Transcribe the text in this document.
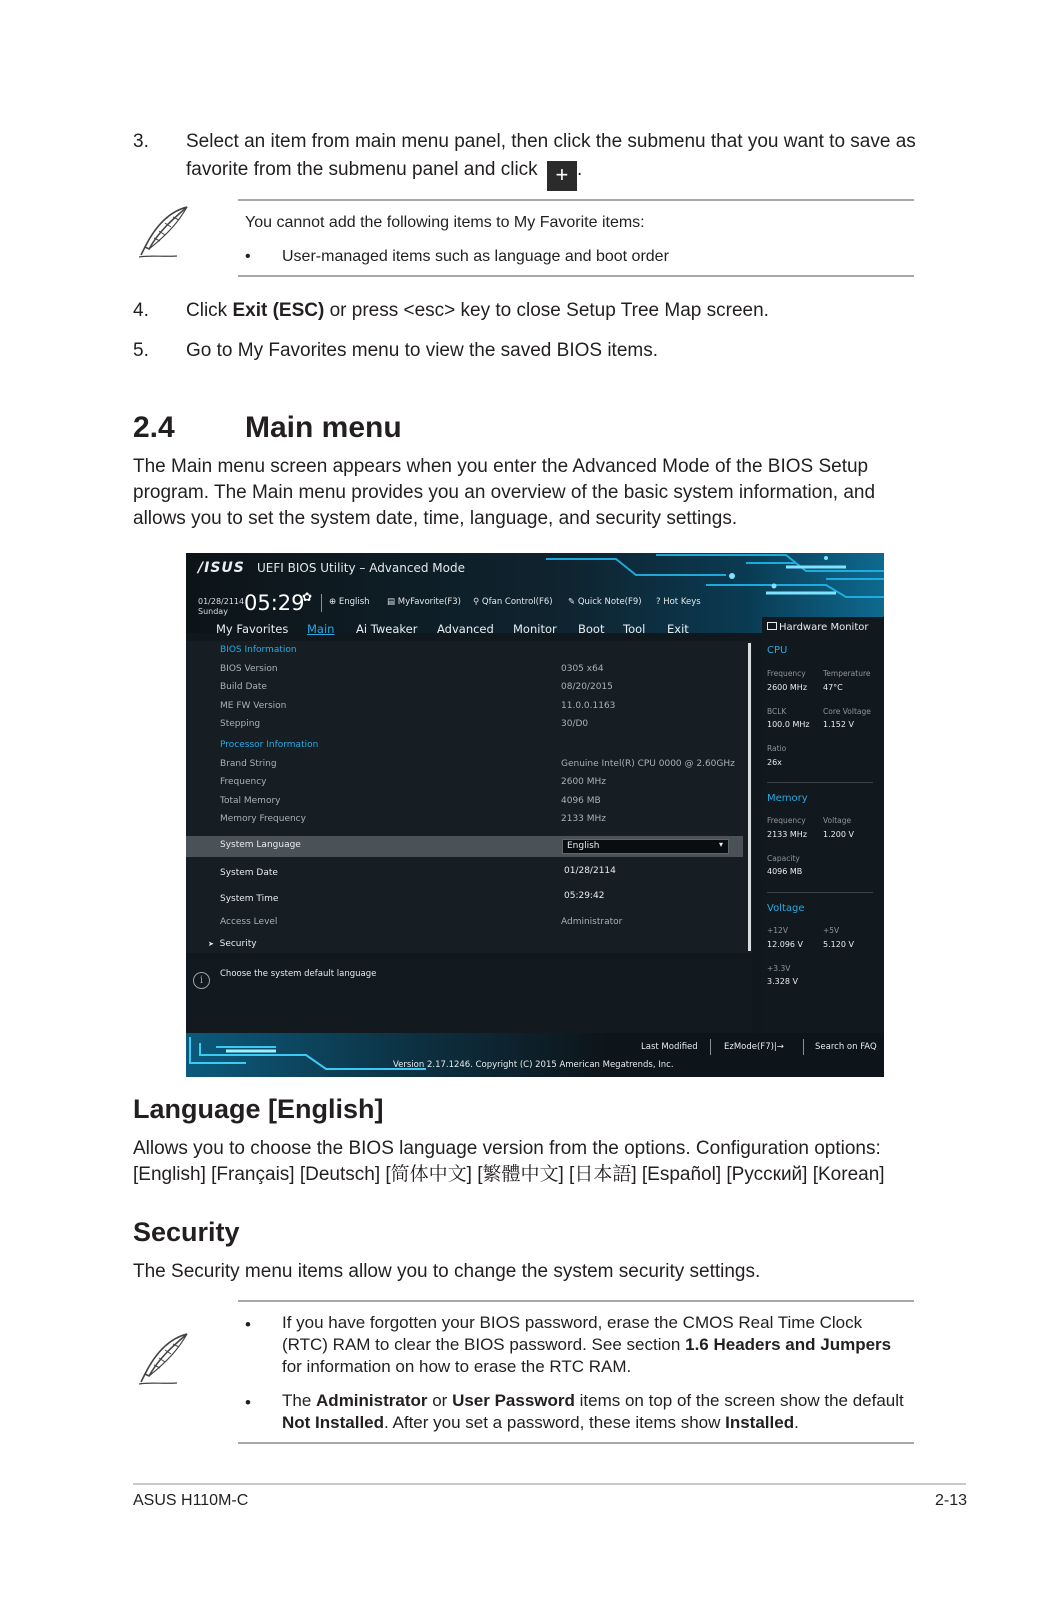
3. Select an item from main menu panel, then click the submenu that you want to save as favorite from the submenu panel and click + .
You cannot add the following items to My Favorite items:
• User-managed items such as language and boot order
4. Click Exit (ESC) or press <esc> key to close Setup Tree Map screen.
5. Go to My Favorites menu to view the saved BIOS items.
2.4 Main menu
The Main menu screen appears when you enter the Advanced Mode of the BIOS Setup program. The Main menu provides you an overview of the basic system information, and allows you to set the system date, time, language, and security settings.
/ISUS UEFI BIOS Utility – Advanced Mode
01/28/2114
Sunday 05:29
✿ ⊕ English ▤ MyFavorite(F3) ⚲ Qfan Control(F6) ✎ Quick Note(F9) ? Hot Keys
My Favorites Main Ai Tweaker Advanced Monitor Boot Tool Exit
BIOS Information
BIOS Version	0305 x64
Build Date	08/20/2015
ME FW Version	11.0.0.1163
Stepping	30/D0
Processor Information
Brand String	Genuine Intel(R) CPU 0000 @ 2.60GHz
Frequency	2600 MHz
Total Memory	4096 MB
Memory Frequency	2133 MHz
System Language	English	▾
System Date	01/28/2114
System Time	05:29:42
Access Level	Administrator
➤ Security
i
Choose the system default language
Hardware Monitor
CPU
Frequency Temperature
2600 MHz 47°C
BCLK	Core Voltage
100.0 MHz 1.152 V
Ratio
26x
Memory
Frequency Voltage
2133 MHz 1.200 V
Capacity
4096 MB
Voltage
+12V	+5V
12.096 V 5.120 V
+3.3V
3.328 V
Last Modified	EzMode(F7)|→	Search on FAQ
Version 2.17.1246. Copyright (C) 2015 American Megatrends, Inc.
Language [English]
Allows you to choose the BIOS language version from the options. Configuration options: [English] [Français] [Deutsch] [简体中文] [繁體中文] [日本語] [Español] [Русский] [Korean]
Security
The Security menu items allow you to change the system security settings.
• If you have forgotten your BIOS password, erase the CMOS Real Time Clock (RTC) RAM to clear the BIOS password. See section 1.6 Headers and Jumpers for information on how to erase the RTC RAM.
• The Administrator or User Password items on top of the screen show the default Not Installed. After you set a password, these items show Installed.
ASUS H110M-C	2-13
